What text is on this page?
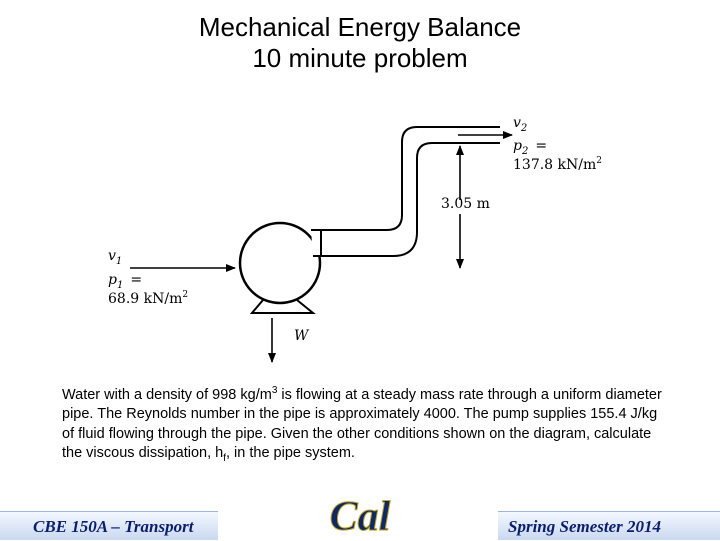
Mechanical Energy Balance
10 minute problem
$v_2$
$p_2$ =
137.8 $kN/m^2$
3.05 m
$v_1$
$p_1$ =
68.9 $kN/m^2$
W

Water with a density of 998 $kg/m^3$ is flowing at a steady mass rate through a uniform diameter pipe. The Reynolds number in the pipe is approximately 4000. The pump supplies 155.4 J/kg of fluid flowing through the pipe. Given the other conditions shown on the diagram, calculate the viscous dissipation, $h_f$, in the pipe system.

CBE 150A – Transport	Cal	Spring Semester 2014
